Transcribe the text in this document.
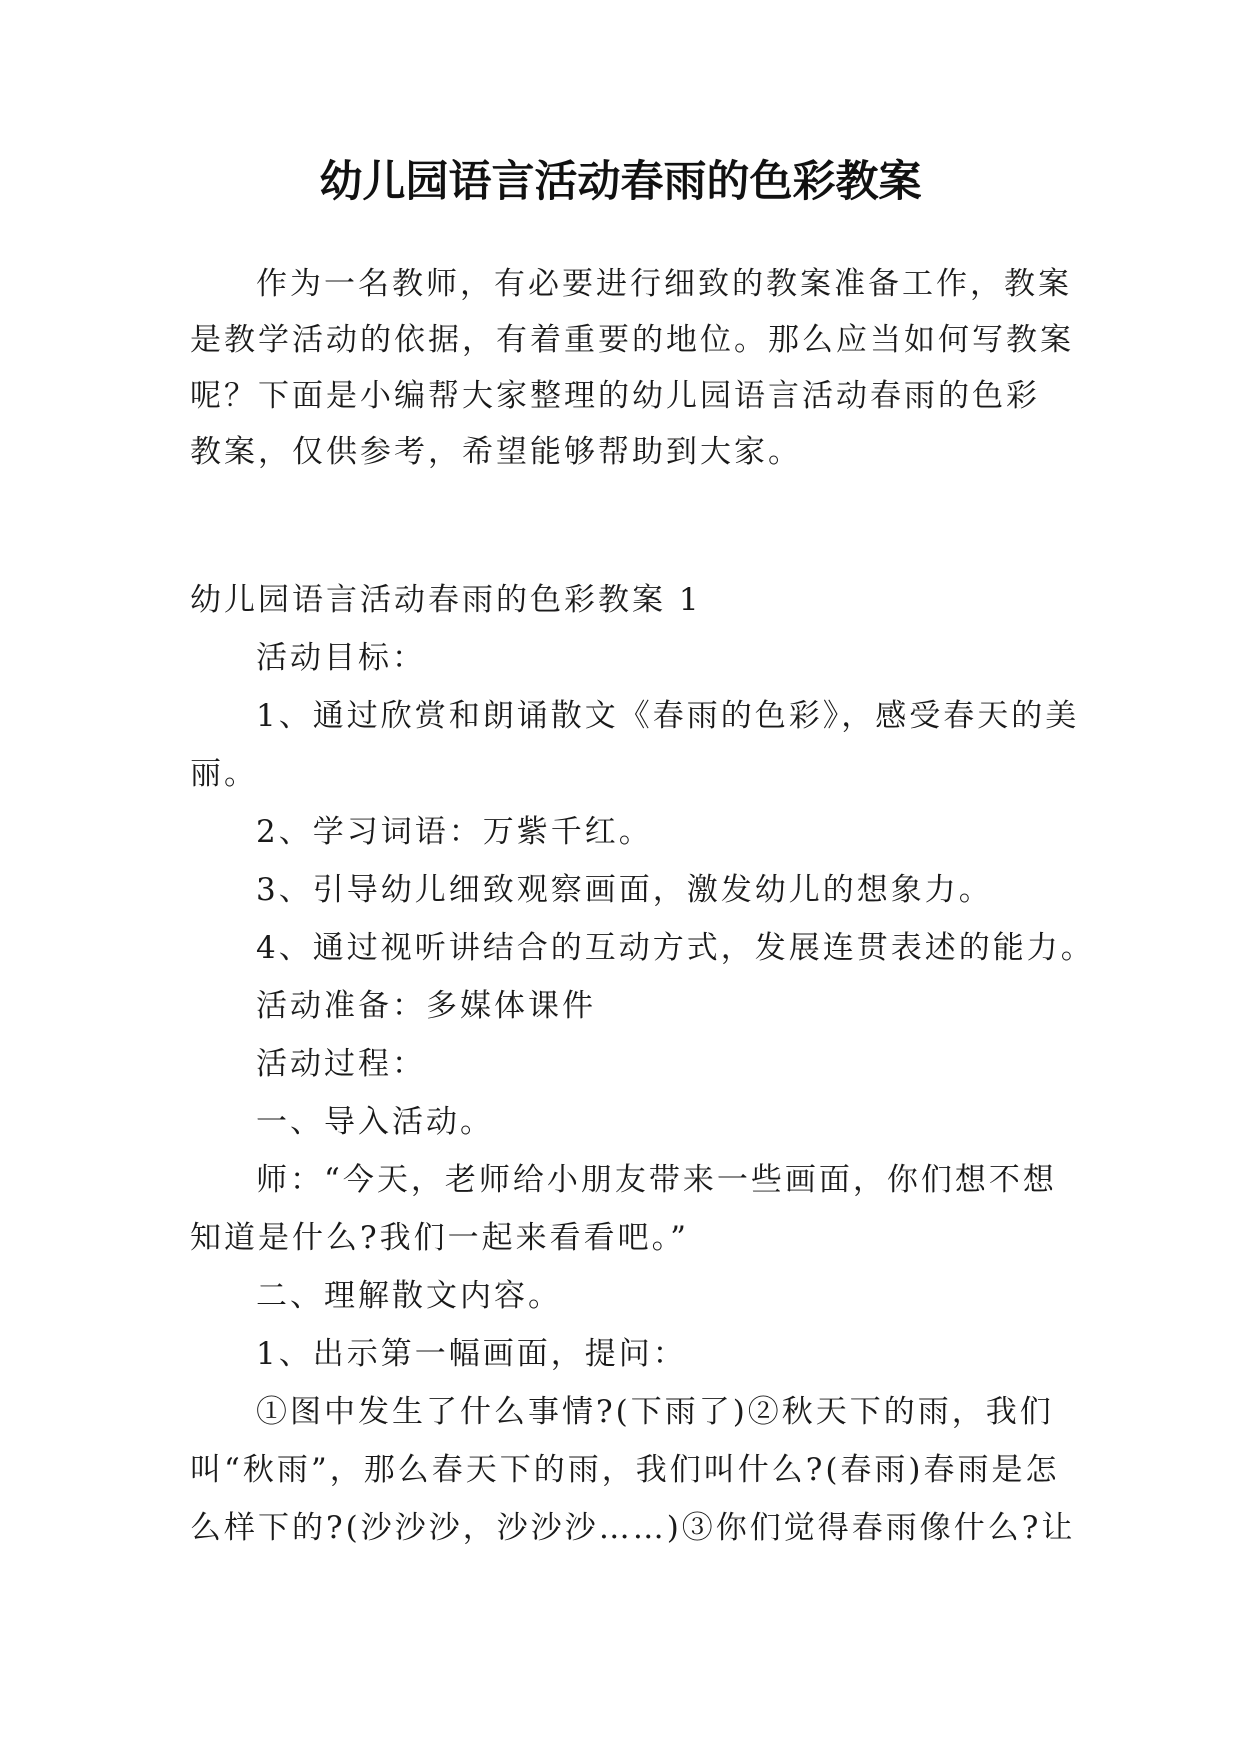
幼儿园语言活动春雨的色彩教案

作为一名教师，有必要进行细致的教案准备工作，教案

是教学活动的依据，有着重要的地位。那么应当如何写教案

呢？下面是小编帮大家整理的幼儿园语言活动春雨的色彩

教案，仅供参考，希望能够帮助到大家。

幼儿园语言活动春雨的色彩教案 1

活动目标：

1、通过欣赏和朗诵散文《春雨的色彩》，感受春天的美

丽。

2、学习词语：万紫千红。

3、引导幼儿细致观察画面，激发幼儿的想象力。

4、通过视听讲结合的互动方式，发展连贯表述的能力。

活动准备：多媒体课件

活动过程：

一、导入活动。

师：“今天，老师给小朋友带来一些画面，你们想不想

知道是什么?我们一起来看看吧。”

二、理解散文内容。

1、出示第一幅画面，提问：

①图中发生了什么事情?(下雨了)②秋天下的雨，我们

叫“秋雨”，那么春天下的雨，我们叫什么?(春雨)春雨是怎

么样下的?(沙沙沙，沙沙沙……)③你们觉得春雨像什么?让
